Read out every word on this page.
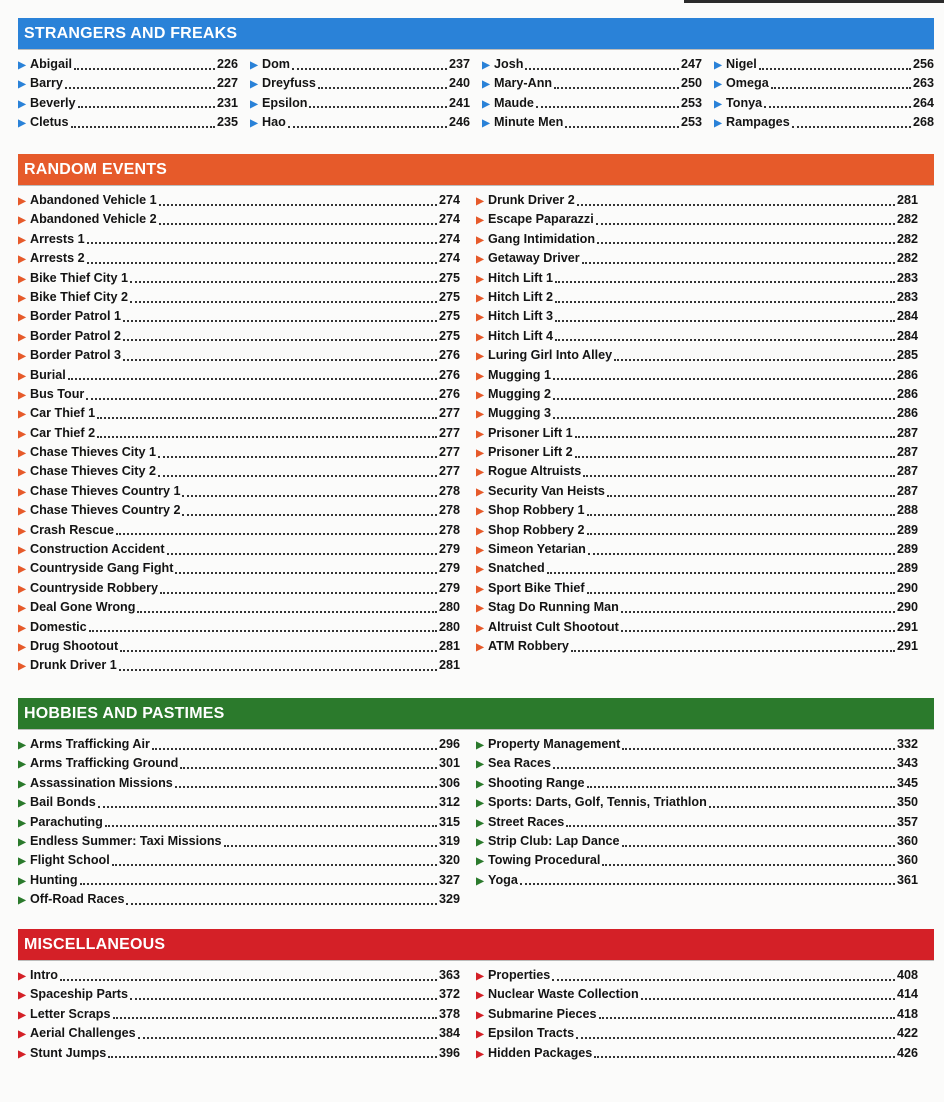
STRANGERS AND FREAKS
▶ Abigail	226
▶ Barry	227
▶ Beverly	231
▶ Cletus	235
▶ Dom	237
▶ Dreyfuss	240
▶ Epsilon	241
▶ Hao	246
▶ Josh	247
▶ Mary-Ann	250
▶ Maude	253
▶ Minute Men	253
▶ Nigel	256
▶ Omega	263
▶ Tonya	264
▶ Rampages	268
RANDOM EVENTS
▶ Abandoned Vehicle 1	274
▶ Abandoned Vehicle 2	274
▶ Arrests 1	274
▶ Arrests 2	274
▶ Bike Thief City 1	275
▶ Bike Thief City 2	275
▶ Border Patrol 1	275
▶ Border Patrol 2	275
▶ Border Patrol 3	276
▶ Burial	276
▶ Bus Tour	276
▶ Car Thief 1	277
▶ Car Thief 2	277
▶ Chase Thieves City 1	277
▶ Chase Thieves City 2	277
▶ Chase Thieves Country 1	278
▶ Chase Thieves Country 2	278
▶ Crash Rescue	278
▶ Construction Accident	279
▶ Countryside Gang Fight	279
▶ Countryside Robbery	279
▶ Deal Gone Wrong	280
▶ Domestic	280
▶ Drug Shootout	281
▶ Drunk Driver 1	281
▶ Drunk Driver 2	281
▶ Escape Paparazzi	282
▶ Gang Intimidation	282
▶ Getaway Driver	282
▶ Hitch Lift 1	283
▶ Hitch Lift 2	283
▶ Hitch Lift 3	284
▶ Hitch Lift 4	284
▶ Luring Girl Into Alley	285
▶ Mugging 1	286
▶ Mugging 2	286
▶ Mugging 3	286
▶ Prisoner Lift 1	287
▶ Prisoner Lift 2	287
▶ Rogue Altruists	287
▶ Security Van Heists	287
▶ Shop Robbery 1	288
▶ Shop Robbery 2	289
▶ Simeon Yetarian	289
▶ Snatched	289
▶ Sport Bike Thief	290
▶ Stag Do Running Man	290
▶ Altruist Cult Shootout	291
▶ ATM Robbery	291
HOBBIES AND PASTIMES
▶ Arms Trafficking Air	296
▶ Arms Trafficking Ground	301
▶ Assassination Missions	306
▶ Bail Bonds	312
▶ Parachuting	315
▶ Endless Summer: Taxi Missions	319
▶ Flight School	320
▶ Hunting	327
▶ Off-Road Races	329
▶ Property Management	332
▶ Sea Races	343
▶ Shooting Range	345
▶ Sports: Darts, Golf, Tennis, Triathlon	350
▶ Street Races	357
▶ Strip Club: Lap Dance	360
▶ Towing Procedural	360
▶ Yoga	361
MISCELLANEOUS
▶ Intro	363
▶ Spaceship Parts	372
▶ Letter Scraps	378
▶ Aerial Challenges	384
▶ Stunt Jumps	396
▶ Properties	408
▶ Nuclear Waste Collection	414
▶ Submarine Pieces	418
▶ Epsilon Tracts	422
▶ Hidden Packages	426
